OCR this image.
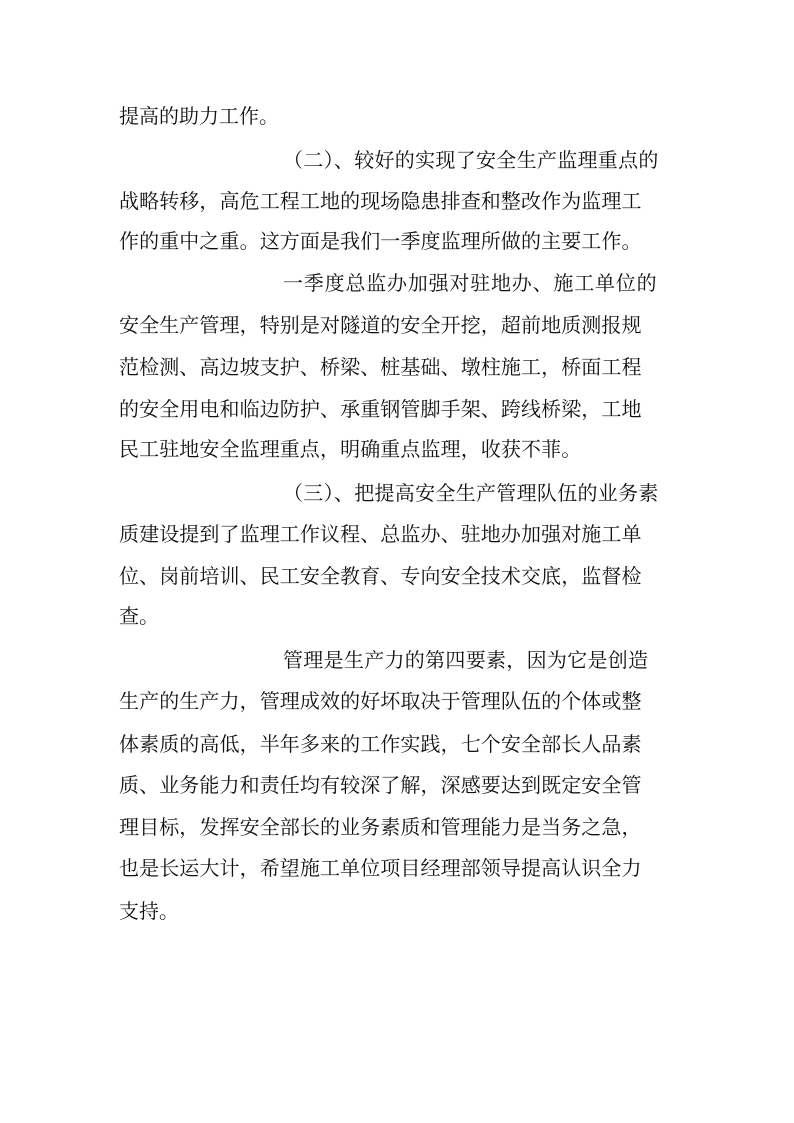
提高的助力工作。
（二）、较好的实现了安全生产监理重点的
战略转移，高危工程工地的现场隐患排查和整改作为监理工
作的重中之重。这方面是我们一季度监理所做的主要工作。
一季度总监办加强对驻地办、施工单位的
安全生产管理，特别是对隧道的安全开挖，超前地质测报规
范检测、高边坡支护、桥梁、桩基础、墩柱施工，桥面工程
的安全用电和临边防护、承重钢管脚手架、跨线桥梁，工地
民工驻地安全监理重点，明确重点监理，收获不菲。
（三）、把提高安全生产管理队伍的业务素
质建设提到了监理工作议程、总监办、驻地办加强对施工单
位、岗前培训、民工安全教育、专向安全技术交底，监督检
查。
管理是生产力的第四要素，因为它是创造
生产的生产力，管理成效的好坏取决于管理队伍的个体或整
体素质的高低，半年多来的工作实践，七个安全部长人品素
质、业务能力和责任均有较深了解，深感要达到既定安全管
理目标，发挥安全部长的业务素质和管理能力是当务之急，
也是长运大计，希望施工单位项目经理部领导提高认识全力
支持。
